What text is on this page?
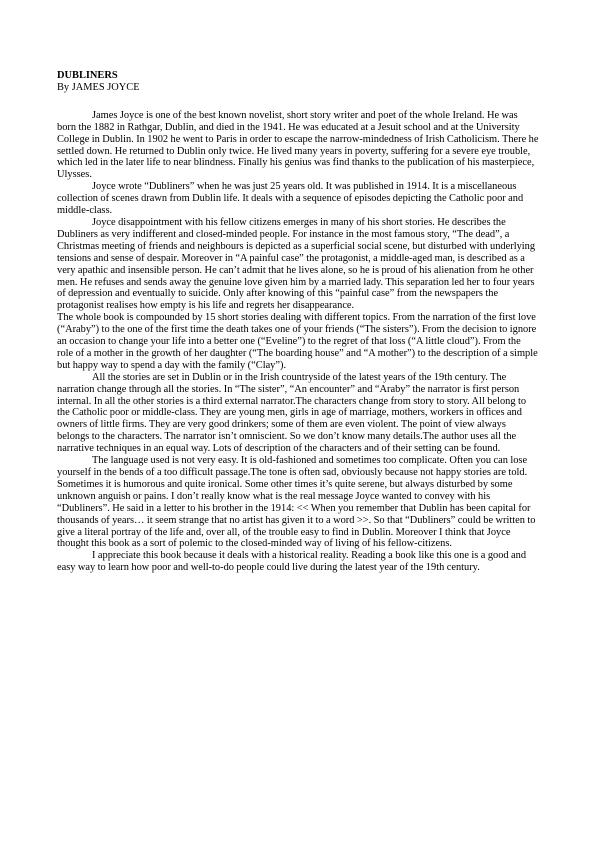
DUBLINERS
By JAMES JOYCE

James Joyce is one of the best known novelist, short story writer and poet of the whole Ireland. He was born the 1882 in Rathgar, Dublin, and died in the 1941. He was educated at a Jesuit school and at the University College in Dublin. In 1902 he went to Paris in order to escape the narrow-mindedness of Irish Catholicism. There he settled down. He returned to Dublin only twice. He lived many years in poverty, suffering for a severe eye trouble, which led in the later life to near blindness. Finally his genius was find thanks to the publication of his masterpiece, Ulysses.

Joyce wrote “Dubliners” when he was just 25 years old. It was published in 1914. It is a miscellaneous collection of scenes drawn from Dublin life. It deals with a sequence of episodes depicting the Catholic poor and middle-class.

Joyce disappointment with his fellow citizens emerges in many of his short stories. He describes the Dubliners as very indifferent and closed-minded people. For instance in the most famous story, “The dead”, a Christmas meeting of friends and neighbours is depicted as a superficial social scene, but disturbed with underlying tensions and sense of despair. Moreover in “A painful case” the protagonist, a middle-aged man, is described as a very apathic and insensible person. He can’t admit that he lives alone, so he is proud of his alienation from he other men. He refuses and sends away the genuine love given him by a married lady. This separation led her to four years of depression and eventually to suicide. Only after knowing of this “painful case” from the newspapers the protagonist realises how empty is his life and regrets her disappearance.

The whole book is compounded by 15 short stories dealing with different topics. From the narration of the first love (“Araby”) to the one of the first time the death takes one of your friends (“The sisters”). From the decision to ignore an occasion to change your life into a better one (“Eveline”) to the regret of that loss (“A little cloud”). From the role of a mother in the growth of her daughter (“The boarding house” and “A mother”) to the description of a simple but happy way to spend a day with the family (“Clay”).

All the stories are set in Dublin or in the Irish countryside of the latest years of the 19th century. The narration change through all the stories. In “The sister”, “An encounter” and “Araby” the narrator is first person internal. In all the other stories is a third external narrator.The characters change from story to story. All belong to the Catholic poor or middle-class. They are young men, girls in age of marriage, mothers, workers in offices and owners of little firms. They are very good drinkers; some of them are even violent. The point of view always belongs to the characters. The narrator isn’t omniscient. So we don’t know many details.The author uses all the narrative techniques in an equal way. Lots of description of the characters and of their setting can be found.

The language used is not very easy. It is old-fashioned and sometimes too complicate. Often you can lose yourself in the bends of a too difficult passage.The tone is often sad, obviously because not happy stories are told. Sometimes it is humorous and quite ironical. Some other times it’s quite serene, but always disturbed by some unknown anguish or pains. I don’t really know what is the real message Joyce wanted to convey with his “Dubliners”. He said in a letter to his brother in the 1914: << When you remember that Dublin has been capital for thousands of years… it seem strange that no artist has given it to a word >>. So that “Dubliners” could be written to give a literal portray of the life and, over all, of the trouble easy to find in Dublin. Moreover I think that Joyce thought this book as a sort of polemic to the closed-minded way of living of his fellow-citizens.

I appreciate this book because it deals with a historical reality. Reading a book like this one is a good and easy way to learn how poor and well-to-do people could live during the latest year of the 19th century.
